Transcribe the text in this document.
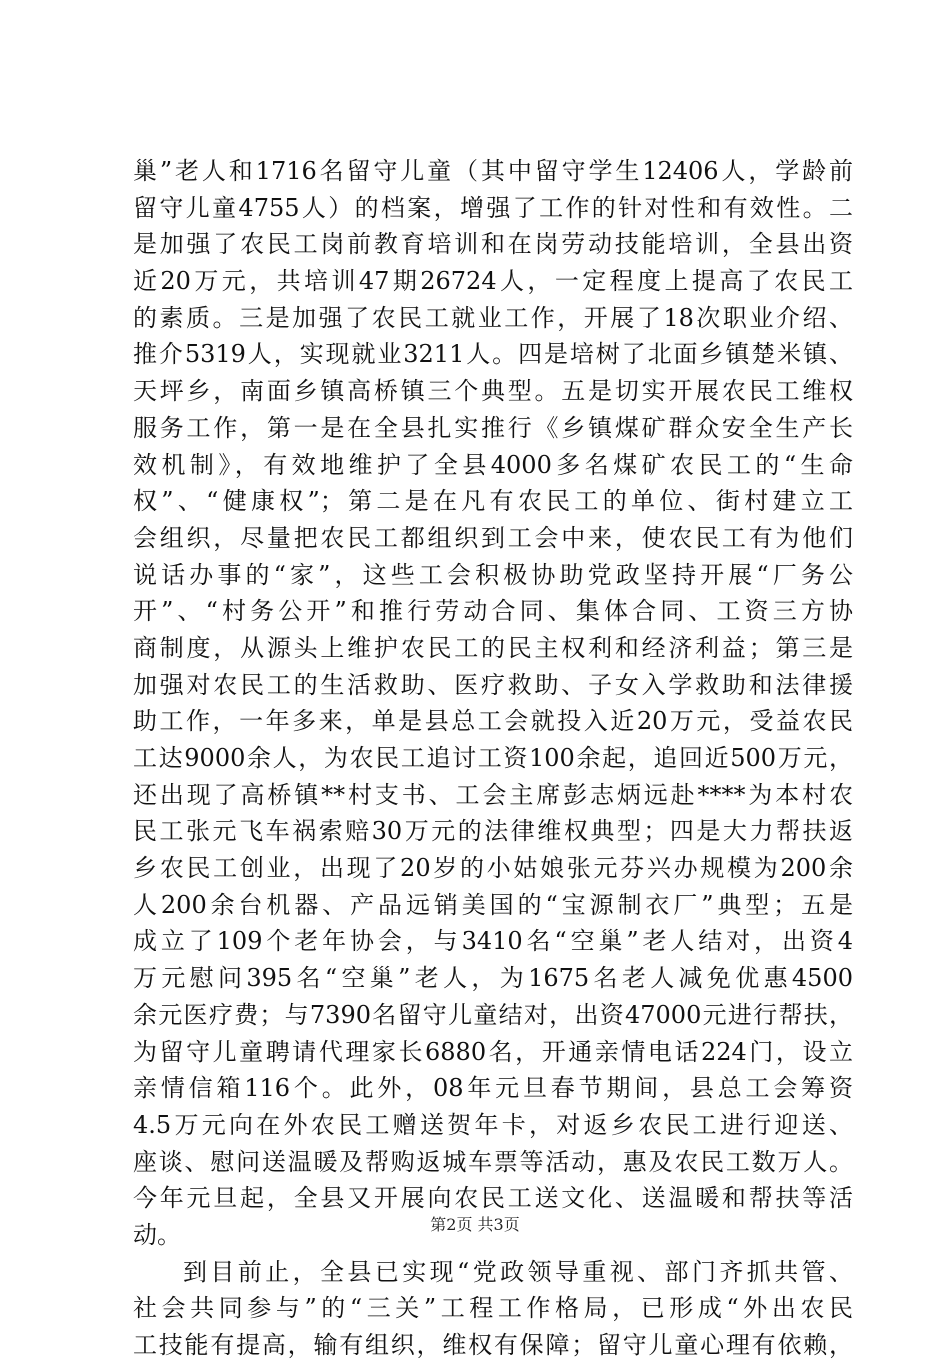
巢”老人和1716名留守儿童（其中留守学生12406人，学龄前
留守儿童4755人）的档案，增强了工作的针对性和有效性。二
是加强了农民工岗前教育培训和在岗劳动技能培训，全县出资
近20万元，共培训47期26724人，一定程度上提高了农民工
的素质。三是加强了农民工就业工作，开展了18次职业介绍、
推介5319人，实现就业3211人。四是培树了北面乡镇楚米镇、
天坪乡，南面乡镇高桥镇三个典型。五是切实开展农民工维权
服务工作，第一是在全县扎实推行《乡镇煤矿群众安全生产长
效机制》，有效地维护了全县4000多名煤矿农民工的“生命
权”、“健康权”；第二是在凡有农民工的单位、街村建立工
会组织，尽量把农民工都组织到工会中来，使农民工有为他们
说话办事的“家”，这些工会积极协助党政坚持开展“厂务公
开”、“村务公开”和推行劳动合同、集体合同、工资三方协
商制度，从源头上维护农民工的民主权利和经济利益；第三是
加强对农民工的生活救助、医疗救助、子女入学救助和法律援
助工作，一年多来，单是县总工会就投入近20万元，受益农民
工达9000余人，为农民工追讨工资100余起，追回近500万元，
还出现了高桥镇**村支书、工会主席彭志炳远赴****为本村农
民工张元飞车祸索赔30万元的法律维权典型；四是大力帮扶返
乡农民工创业，出现了20岁的小姑娘张元芬兴办规模为200余
人200余台机器、产品远销美国的“宝源制衣厂”典型；五是
成立了109个老年协会，与3410名“空巢”老人结对，出资4
万元慰问395名“空巢”老人，为1675名老人减免优惠4500
余元医疗费；与7390名留守儿童结对，出资47000元进行帮扶，
为留守儿童聘请代理家长6880名，开通亲情电话224门，设立
亲情信箱116个。此外，08年元旦春节期间，县总工会筹资
4.5万元向在外农民工赠送贺年卡，对返乡农民工进行迎送、
座谈、慰问送温暖及帮购返城车票等活动，惠及农民工数万人。
今年元旦起，全县又开展向农民工送文化、送温暖和帮扶等活
动。
到目前止，全县已实现“党政领导重视、部门齐抓共管、
社会共同参与”的“三关”工程工作格局，已形成“外出农民
工技能有提高，输有组织，维权有保障；留守儿童心理有依赖，
第2页 共3页
